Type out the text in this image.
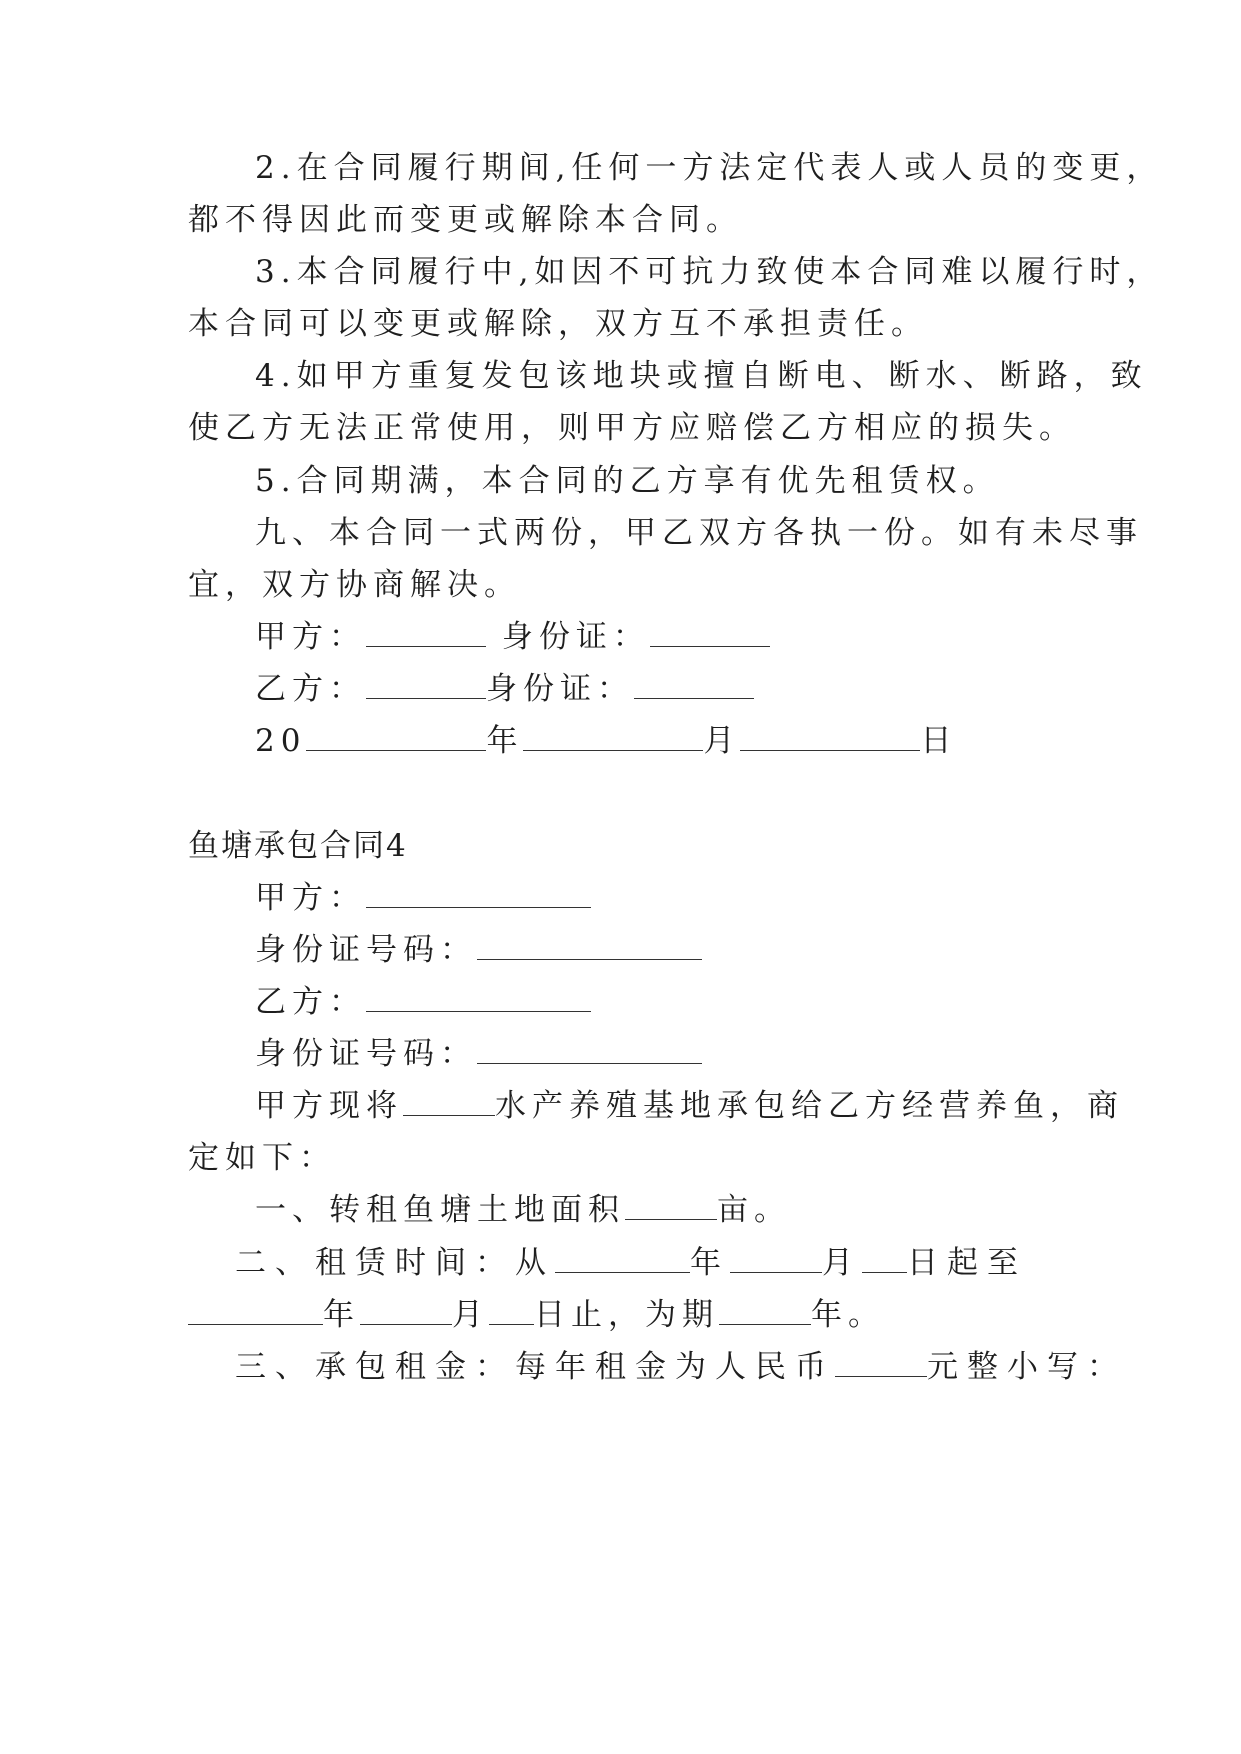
2.在合同履行期间,任何一方法定代表人或人员的变更，
都不得因此而变更或解除本合同。
3.本合同履行中,如因不可抗力致使本合同难以履行时，
本合同可以变更或解除，双方互不承担责任。
4.如甲方重复发包该地块或擅自断电、断水、断路，致
使乙方无法正常使用，则甲方应赔偿乙方相应的损失。
5.合同期满，本合同的乙方享有优先租赁权。
九、本合同一式两份，甲乙双方各执一份。如有未尽事
宜，双方协商解决。
甲方：	身份证：
乙方：	身份证：
20	年	月	日
鱼塘承包合同4
甲方：
身份证号码：
乙方：
身份证号码：
甲方现将	水产养殖基地承包给乙方经营养鱼，商
定如下：
一、转租鱼塘土地面积	亩。
二、租赁时间：从	年	月 日起至
年	月 日止，为期	年。
三、承包租金：每年租金为人民币	元整小写：
